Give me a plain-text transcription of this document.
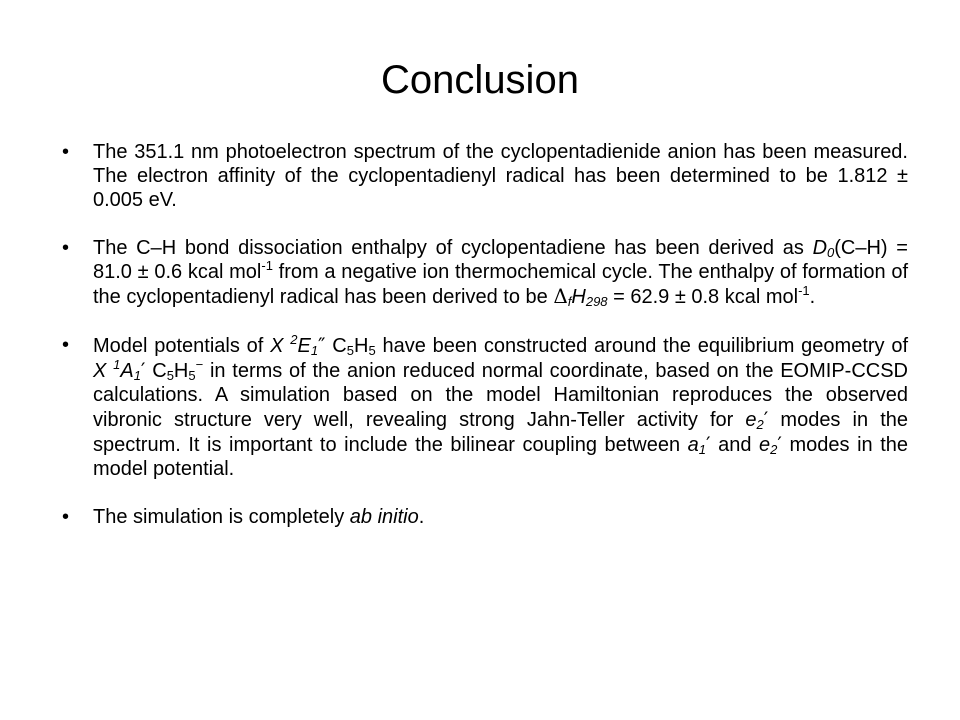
Conclusion
• The 351.1 nm photoelectron spectrum of the cyclopentadienide anion has been measured. The electron affinity of the cyclopentadienyl radical has been determined to be 1.812 ± 0.005 eV.
• The C–H bond dissociation enthalpy of cyclopentadiene has been derived as $D_0(C-H) = 81.0 \pm 0.6$ kcal mol$^{-1}$ from a negative ion thermochemical cycle. The enthalpy of formation of the cyclopentadienyl radical has been derived to be $\Delta_fH_{298} = 62.9 \pm 0.8$ kcal mol$^{-1}$.
• Model potentials of X $^2E_1''$ $C_5H_5$ have been constructed around the equilibrium geometry of X $^1A_1'$ $C_5H_5^-$ in terms of the anion reduced normal coordinate, based on the EOMIP-CCSD calculations. A simulation based on the model Hamiltonian reproduces the observed vibronic structure very well, revealing strong Jahn-Teller activity for $e_2'$ modes in the spectrum. It is important to include the bilinear coupling between $a_1'$ and $e_2'$ modes in the model potential.
• The simulation is completely ab initio.
